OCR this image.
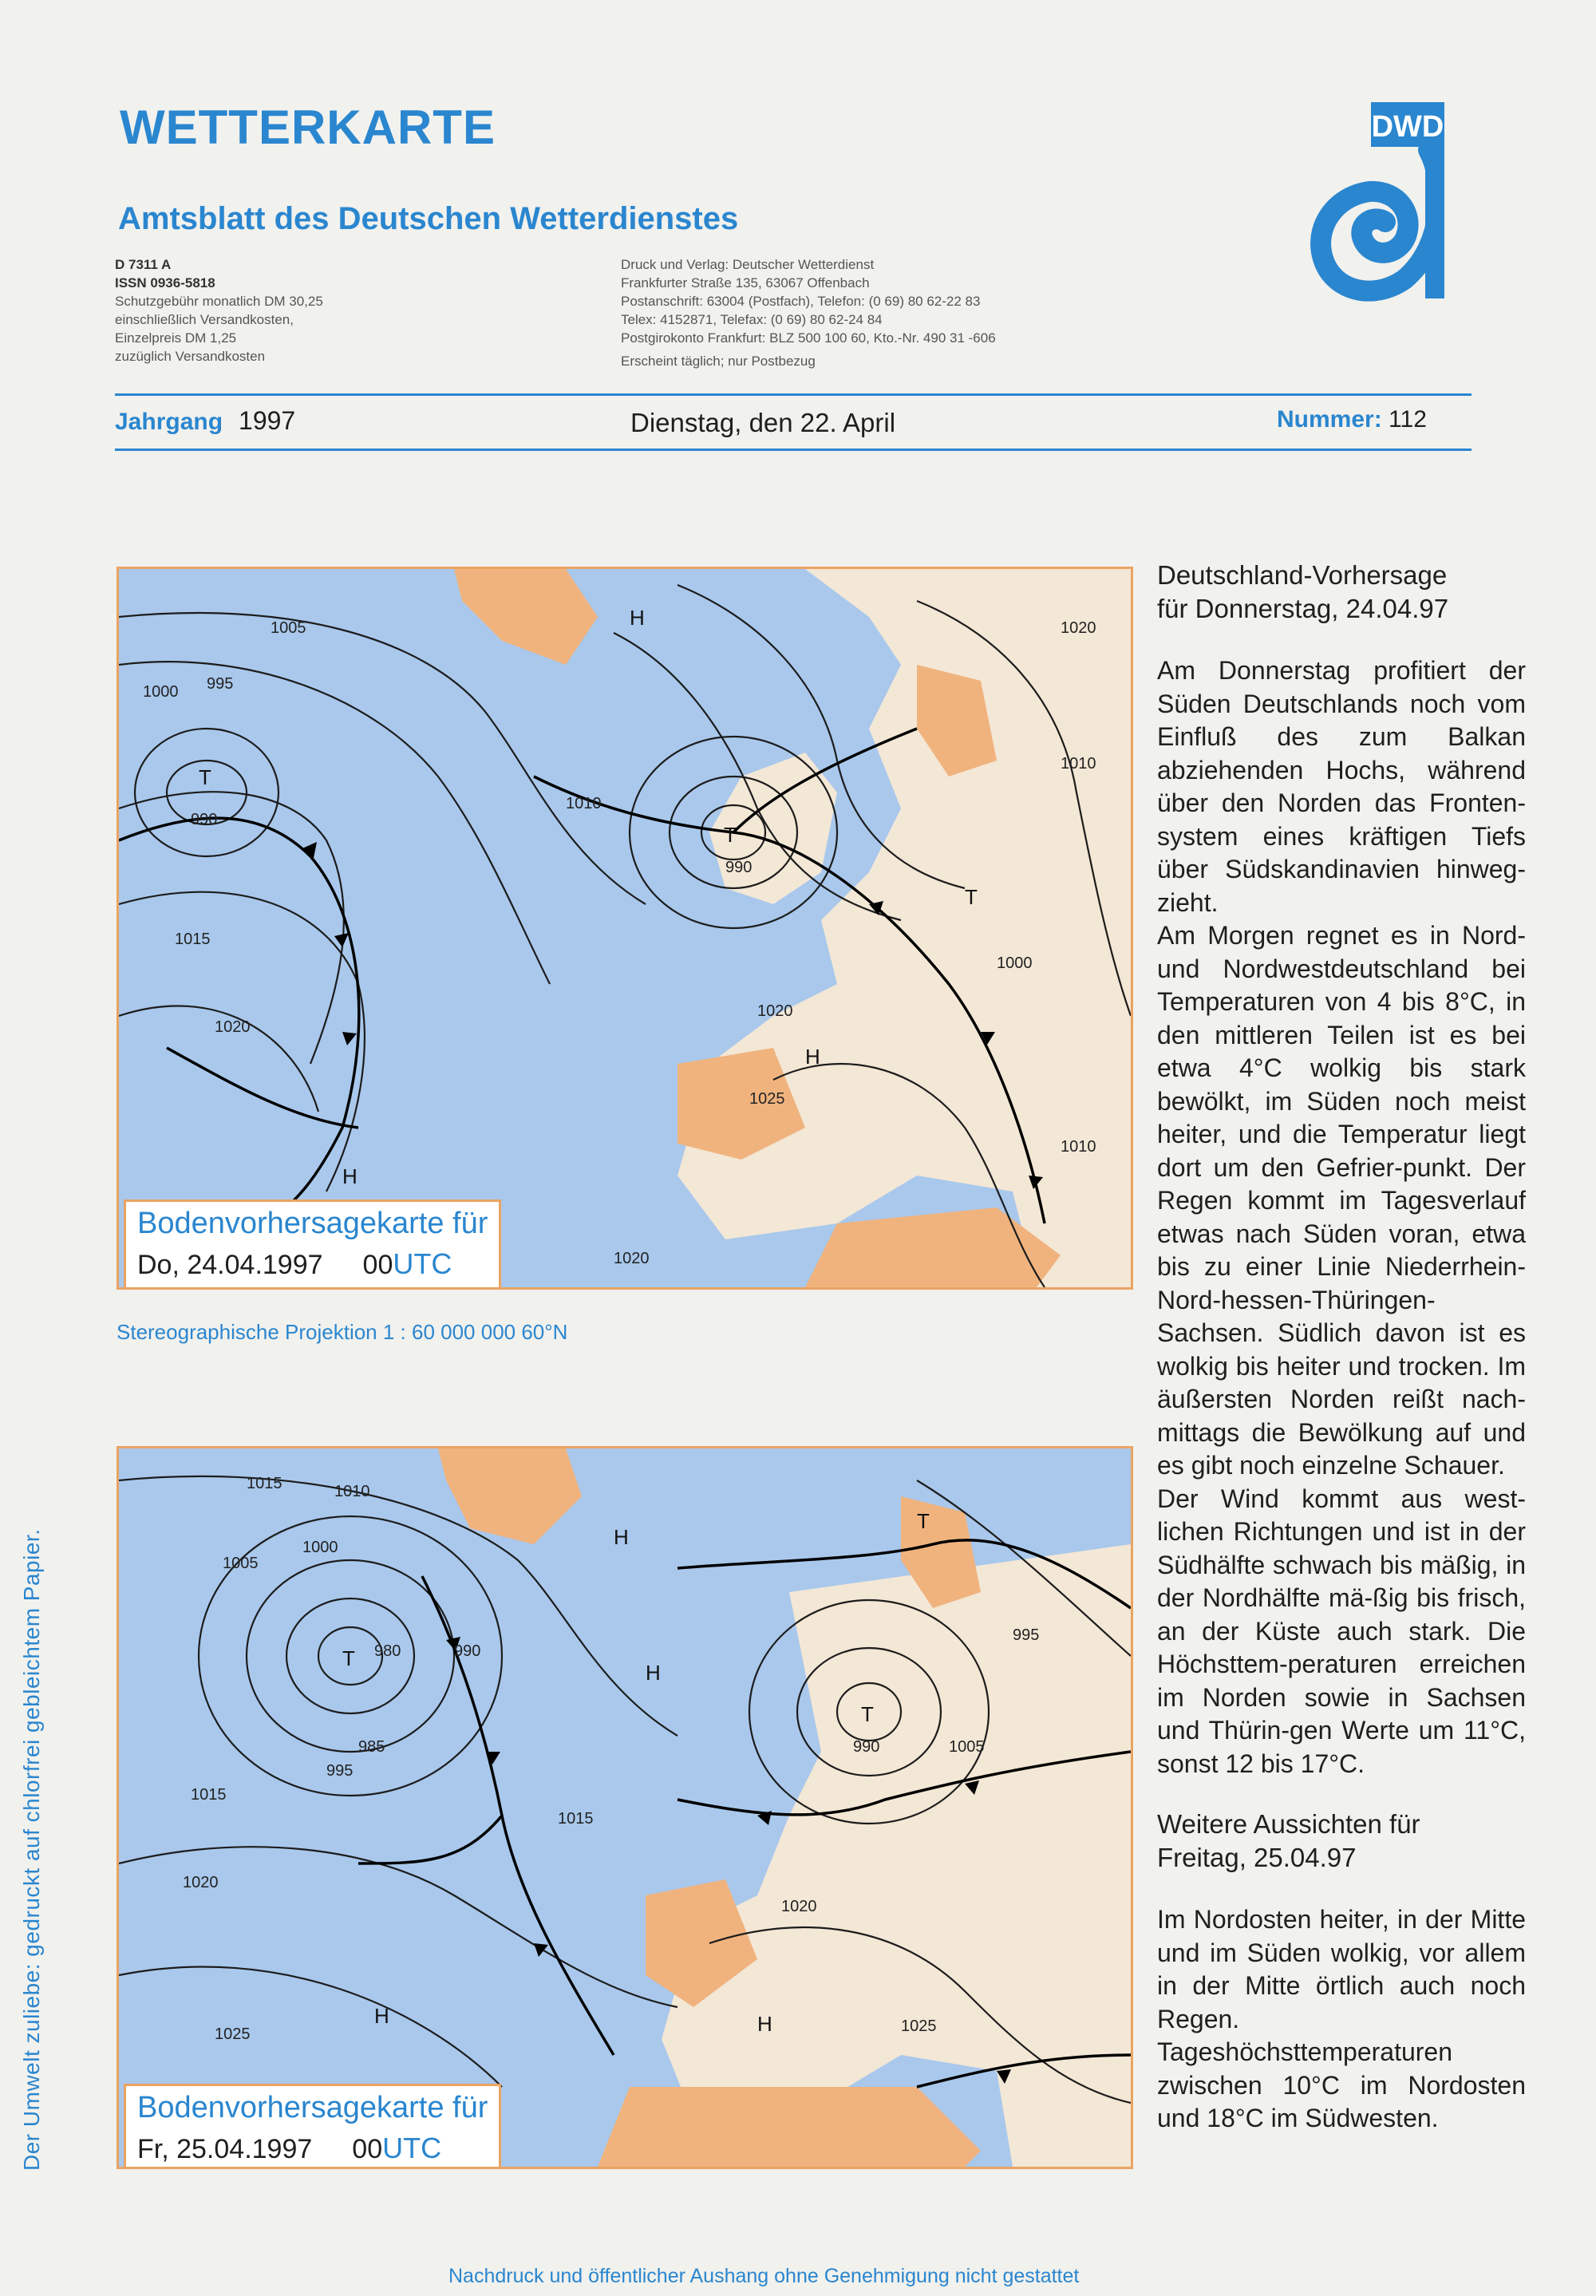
WETTERKARTE
Amtsblatt des Deutschen Wetterdienstes
D 7311 A
ISSN 0936-5818
Schutzgebühr monatlich DM 30,25
einschließlich Versandkosten,
Einzelpreis DM 1,25
zuzüglich Versandkosten
Druck und Verlag: Deutscher Wetterdienst
Frankfurter Straße 135, 63067 Offenbach
Postanschrift: 63004 (Postfach), Telefon: (0 69) 80 62-22 83
Telex: 4152871, Telefax: (0 69) 80 62-24 84
Postgirokonto Frankfurt: BLZ 500 100 60, Kto.-Nr. 490 31 -606
Erscheint täglich; nur Postbezug
DWD
Jahrgang 1997	Dienstag, den 22. April	Nummer: 112
1005
995
1000
990
1015
1020
1010
990
1020
1025
1020
1010
1000
1010
1020
H
H
H
T
T
T
Bodenvorhersagekarte für
Do, 24.04.1997 00UTC
Stereographische Projektion 1 : 60 000 000 60°N
1015	1010
1005
1000
980
985
995
990
1015
1020
1025
1015
990	1005
995
1020
1025
T
T
T
H
H
H	H
Bodenvorhersagekarte für
Fr, 25.04.1997 00UTC
Deutschland-Vorhersage
für Donnerstag, 24.04.97

Am Donnerstag profitiert der Süden Deutschlands noch vom Einfluß des zum Balkan abziehenden Hochs, während über den Norden das Fronten-system eines kräftigen Tiefs über Südskandinavien hinweg-zieht.

Am Morgen regnet es in Nord- und Nordwestdeutschland bei Temperaturen von 4 bis 8°C, in den mittleren Teilen ist es bei etwa 4°C wolkig bis stark bewölkt, im Süden noch meist heiter, und die Temperatur liegt dort um den Gefrier-punkt. Der Regen kommt im Tagesverlauf etwas nach Süden voran, etwa bis zu einer Linie Niederrhein-Nord-hessen-Thüringen-Sachsen. Südlich davon ist es wolkig bis heiter und trocken. Im äußersten Norden reißt nach-mittags die Bewölkung auf und es gibt noch einzelne Schauer.

Der Wind kommt aus west-lichen Richtungen und ist in der Südhälfte schwach bis mäßig, in der Nordhälfte mä-ßig bis frisch, an der Küste auch stark. Die Höchsttem-peraturen erreichen im Norden sowie in Sachsen und Thürin-gen Werte um 11°C, sonst 12 bis 17°C.

Weitere Aussichten für
Freitag, 25.04.97

Im Nordosten heiter, in der Mitte und im Süden wolkig, vor allem in der Mitte örtlich auch noch Regen. Tageshöchsttemperaturen zwischen 10°C im Nordosten und 18°C im Südwesten.

Der Umwelt zuliebe: gedruckt auf chlorfrei gebleichtem Papier.
Nachdruck und öffentlicher Aushang ohne Genehmigung nicht gestattet
